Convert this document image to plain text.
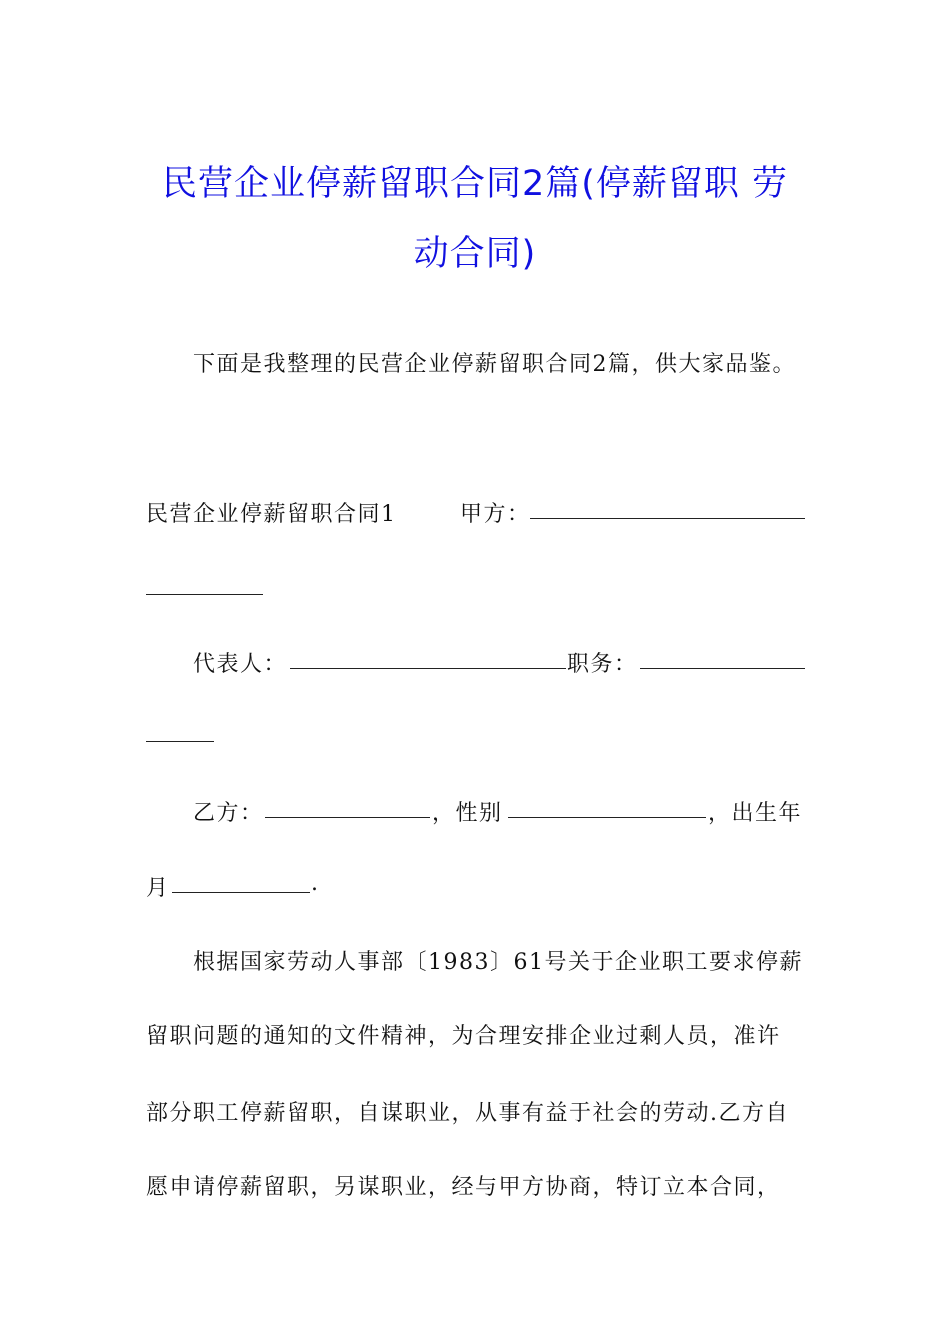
民营企业停薪留职合同2篇(停薪留职 劳
动合同)
下面是我整理的民营企业停薪留职合同2篇，供大家品鉴。
民营企业停薪留职合同1	甲方：
代表人：	职务：
乙方：	，性别	，出生年
月	.
根据国家劳动人事部〔1983〕61号关于企业职工要求停薪
留职问题的通知的文件精神，为合理安排企业过剩人员，准许
部分职工停薪留职，自谋职业，从事有益于社会的劳动.乙方自
愿申请停薪留职，另谋职业，经与甲方协商，特订立本合同，
